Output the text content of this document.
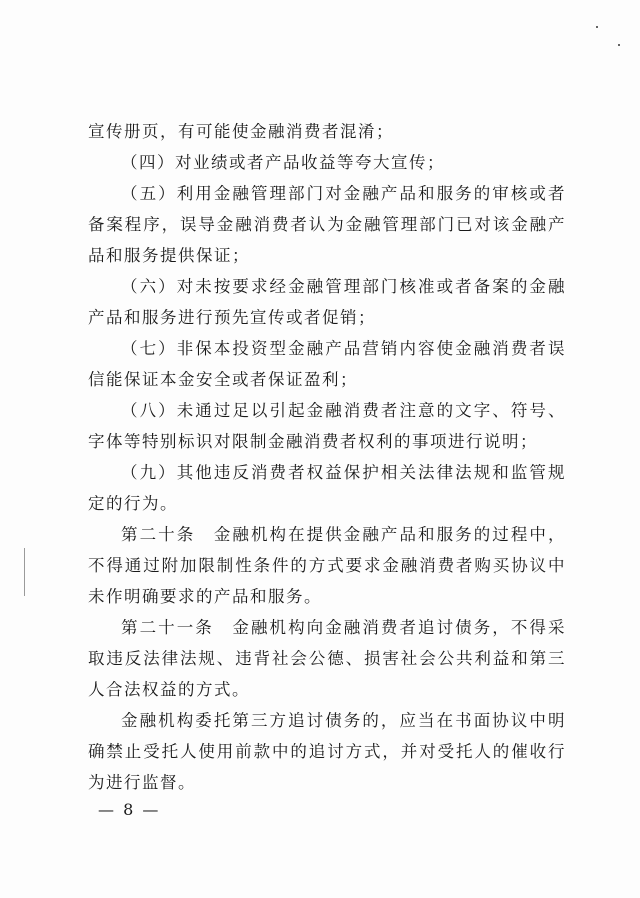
宣传册页，有可能使金融消费者混淆；

（四）对业绩或者产品收益等夸大宣传；

（五）利用金融管理部门对金融产品和服务的审核或者备案程序，误导金融消费者认为金融管理部门已对该金融产品和服务提供保证；

（六）对未按要求经金融管理部门核准或者备案的金融产品和服务进行预先宣传或者促销；

（七）非保本投资型金融产品营销内容使金融消费者误信能保证本金安全或者保证盈利；

（八）未通过足以引起金融消费者注意的文字、符号、字体等特别标识对限制金融消费者权利的事项进行说明；

（九）其他违反消费者权益保护相关法律法规和监管规定的行为。

第二十条　金融机构在提供金融产品和服务的过程中，不得通过附加限制性条件的方式要求金融消费者购买协议中未作明确要求的产品和服务。

第二十一条　金融机构向金融消费者追讨债务，不得采取违反法律法规、违背社会公德、损害社会公共利益和第三人合法权益的方式。

金融机构委托第三方追讨债务的，应当在书面协议中明确禁止受托人使用前款中的追讨方式，并对受托人的催收行为进行监督。

— 8 —
